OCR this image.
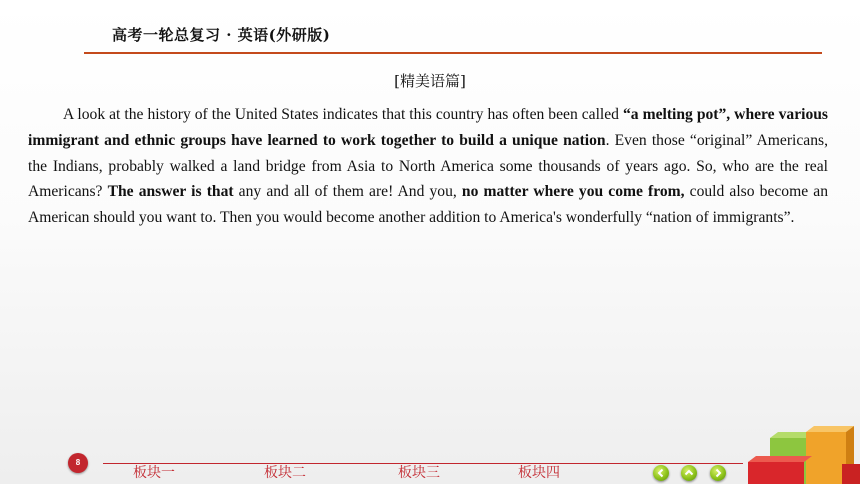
高考一轮总复习 · 英语(外研版)
[精美语篇]

A look at the history of the United States indicates that this country has often been called “a melting pot”, where various immigrant and ethnic groups have learned to work together to build a unique nation. Even those “original” Americans, the Indians, probably walked a land bridge from Asia to North America some thousands of years ago. So, who are the real Americans? The answer is that any and all of them are! And you, no matter where you come from, could also become an American should you want to. Then you would become another addition to America's wonderfully “nation of immigrants”.

8
板块一	板块二	板块三	板块四
